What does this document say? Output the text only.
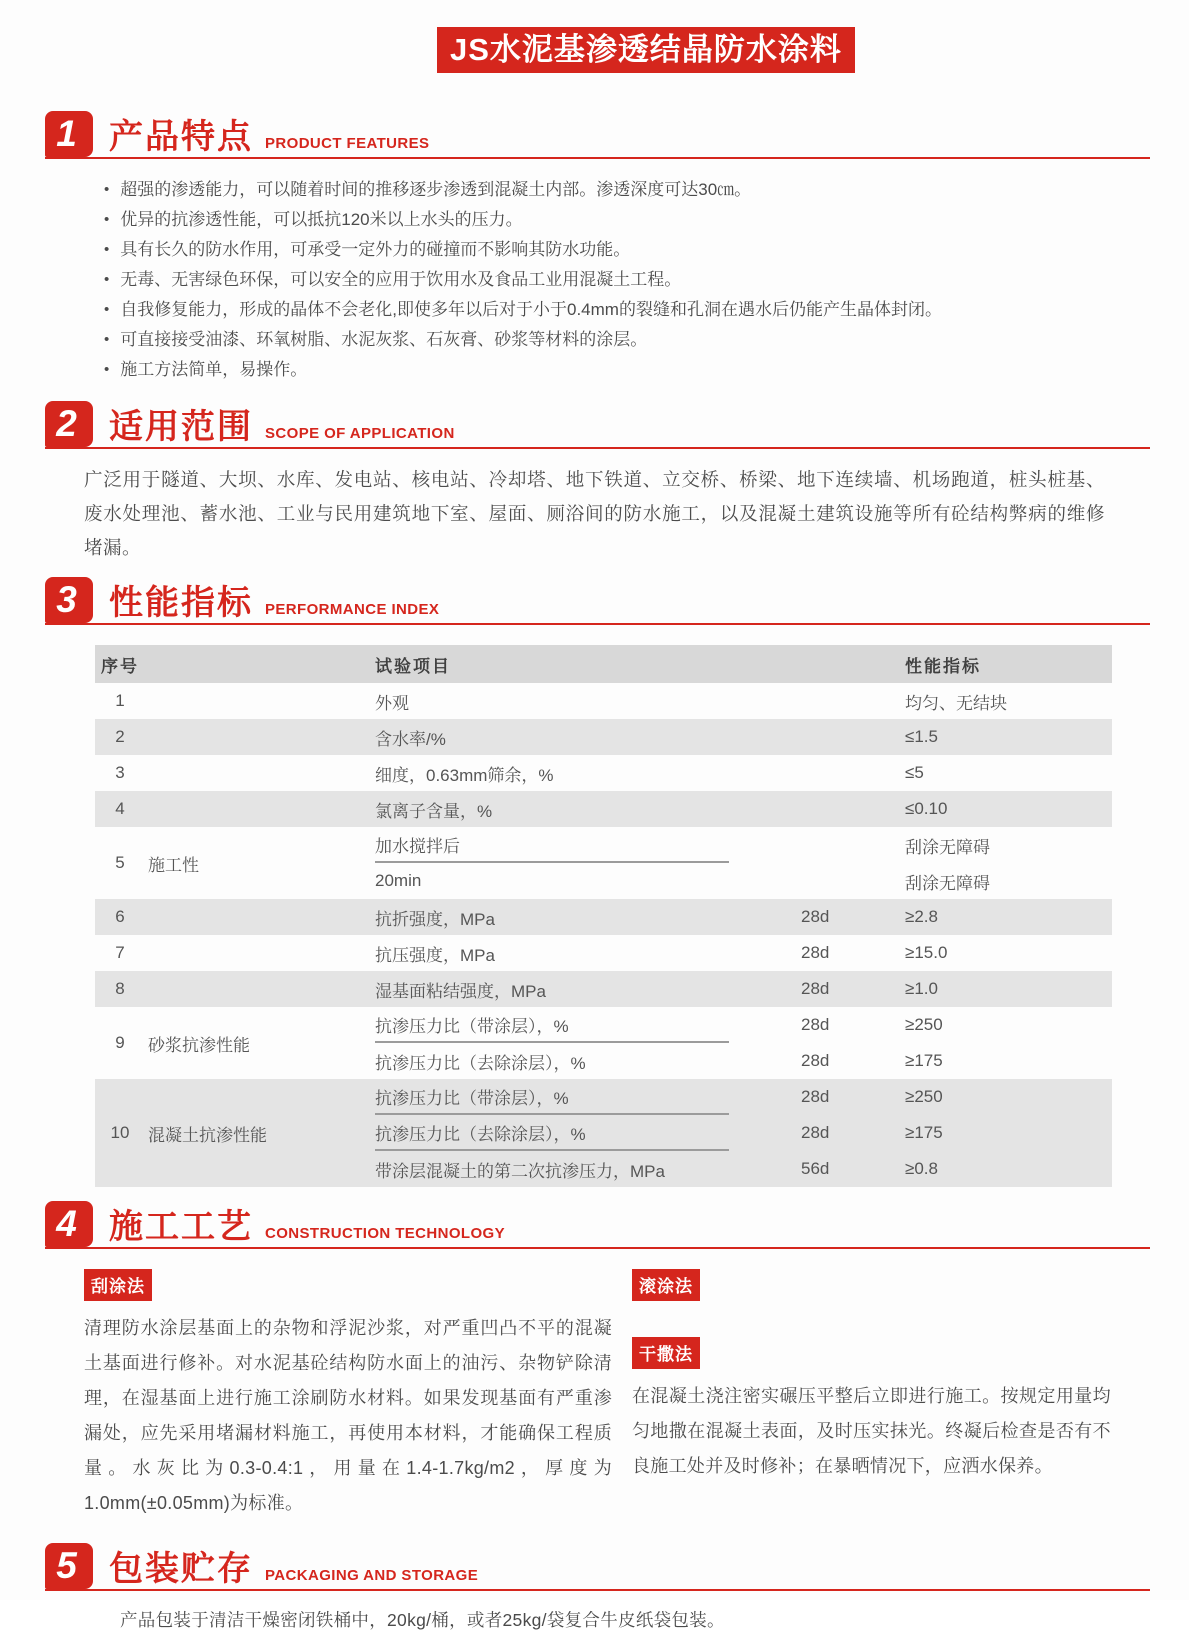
JS水泥基渗透结晶防水涂料
1 产品特点 PRODUCT FEATURES
• 超强的渗透能力，可以随着时间的推移逐步渗透到混凝土内部。渗透深度可达30㎝。
• 优异的抗渗透性能，可以抵抗120米以上水头的压力。
• 具有长久的防水作用，可承受一定外力的碰撞而不影响其防水功能。
• 无毒、无害绿色环保，可以安全的应用于饮用水及食品工业用混凝土工程。
• 自我修复能力，形成的晶体不会老化,即使多年以后对于小于0.4mm的裂缝和孔洞在遇水后仍能产生晶体封闭。
• 可直接接受油漆、环氧树脂、水泥灰浆、石灰膏、砂浆等材料的涂层。
• 施工方法简单，易操作。
2 适用范围 SCOPE OF APPLICATION
广泛用于隧道、大坝、水库、发电站、核电站、冷却塔、地下铁道、立交桥、桥梁、地下连续墙、机场跑道，桩头桩基、废水处理池、蓄水池、工业与民用建筑地下室、屋面、厕浴间的防水施工，以及混凝土建筑设施等所有砼结构弊病的维修堵漏。
3 性能指标 PERFORMANCE INDEX
序号	试验项目	性能指标
1	外观	均匀、无结块
2	含水率/%	≤1.5
3	细度，0.63mm筛余，%	≤5
4	氯离子含量，%	≤0.10
5	施工性
加水搅拌后	刮涂无障碍
20min	刮涂无障碍
6	抗折强度，MPa	28d	≥2.8
7	抗压强度，MPa	28d	≥15.0
8	湿基面粘结强度，MPa	28d	≥1.0
9	砂浆抗渗性能
抗渗压力比（带涂层），%	28d	≥250
抗渗压力比（去除涂层），%	28d	≥175
10	混凝土抗渗性能
抗渗压力比（带涂层），%	28d	≥250
抗渗压力比（去除涂层），%	28d	≥175
带涂层混凝土的第二次抗渗压力，MPa	56d	≥0.8
4 施工工艺 CONSTRUCTION TECHNOLOGY
刮涂法
清理防水涂层基面上的杂物和浮泥沙浆，对严重凹凸不平的混凝土基面进行修补。对水泥基砼结构防水面上的油污、杂物铲除清理，在湿基面上进行施工涂刷防水材料。如果发现基面有严重渗漏处，应先采用堵漏材料施工，再使用本材料，才能确保工程质量。水灰比为0.3-0.4:1，用量在1.4-1.7kg/m2，厚度为1.0mm(±0.05mm)为标准。
滚涂法
干撒法
在混凝土浇注密实碾压平整后立即进行施工。按规定用量均匀地撒在混凝土表面，及时压实抹光。终凝后检查是否有不良施工处并及时修补；在暴晒情况下，应洒水保养。
5 包装贮存 PACKAGING AND STORAGE
产品包装于清洁干燥密闭铁桶中，20kg/桶，或者25kg/袋复合牛皮纸袋包装。
